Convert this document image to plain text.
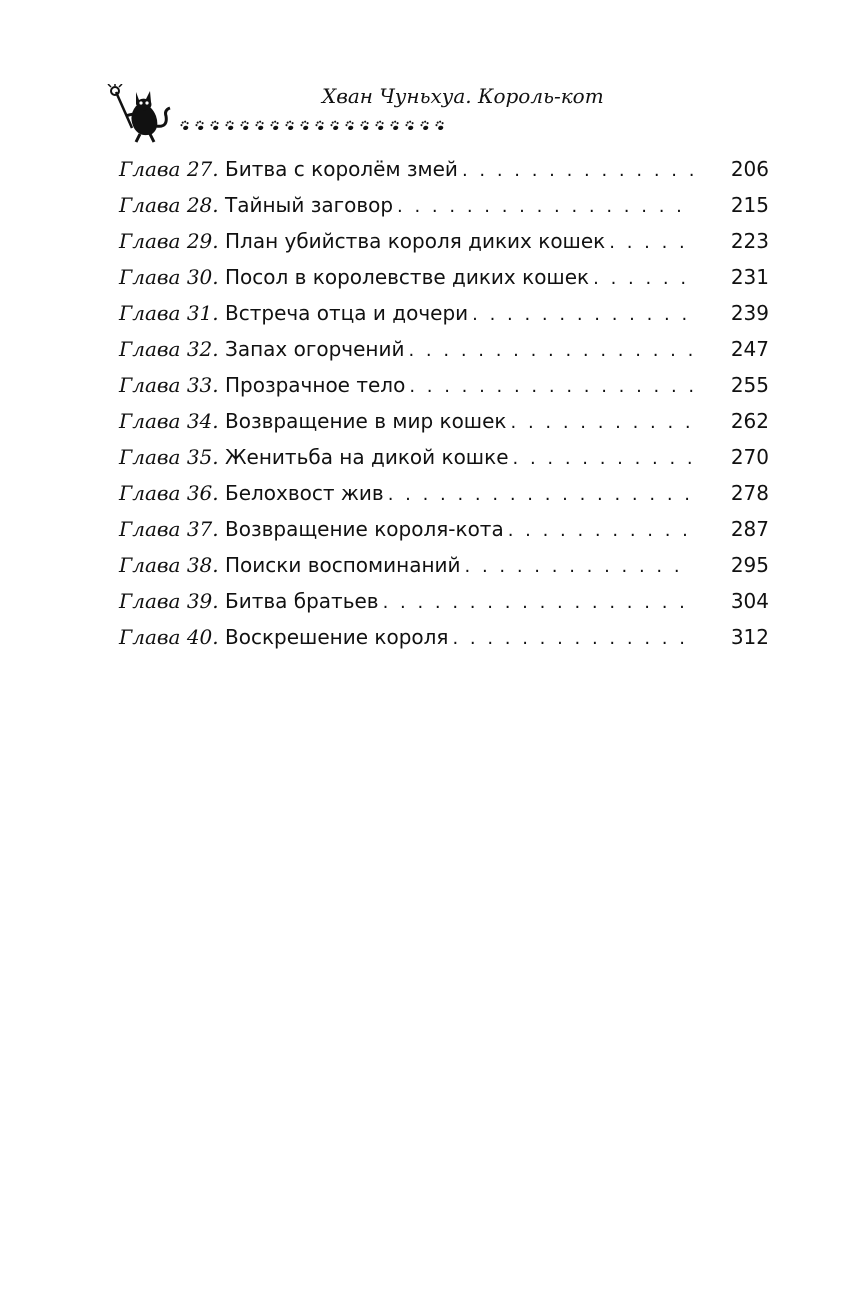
Хван Чуньхуа. Король-кот
Глава 27. Битва с королём змей . . .	206
Глава 28. Тайный заговор . . .	215
Глава 29. План убийства короля диких кошек . . .	223
Глава 30. Посол в королевстве диких кошек . . .	231
Глава 31. Встреча отца и дочери . . .	239
Глава 32. Запах огорчений . . .	247
Глава 33. Прозрачное тело . . .	255
Глава 34. Возвращение в мир кошек . . .	262
Глава 35. Женитьба на дикой кошке . . .	270
Глава 36. Белохвост жив . . .	278
Глава 37. Возвращение короля-кота . . .	287
Глава 38. Поиски воспоминаний . . .	295
Глава 39. Битва братьев . . .	304
Глава 40. Воскрешение короля . . .	312
